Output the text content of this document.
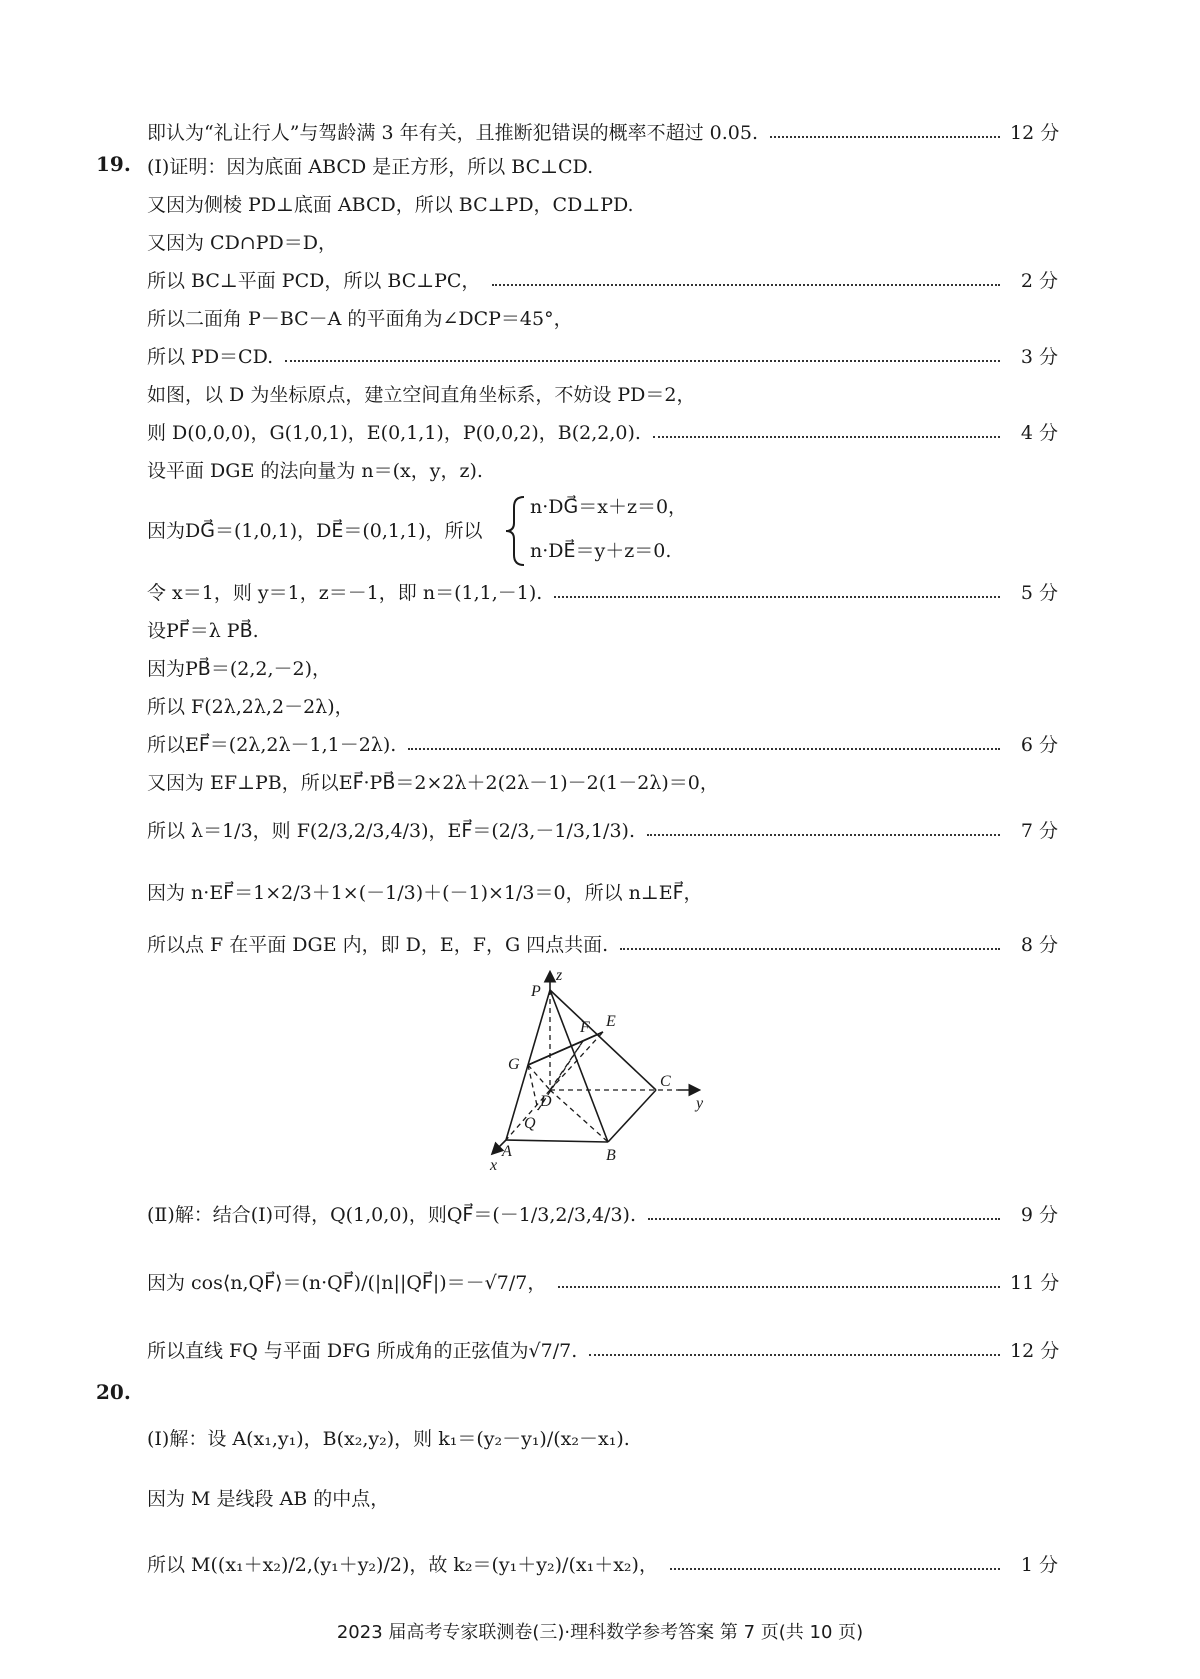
19.
20.
即认为“礼让行人”与驾龄满 3 年有关，且推断犯错误的概率不超过 0.05.	12 分
(Ⅰ)证明：因为底面 ABCD 是正方形，所以 BC⊥CD.
又因为侧棱 PD⊥底面 ABCD，所以 BC⊥PD，CD⊥PD.
又因为 CD∩PD＝D，
所以 BC⊥平面 PCD，所以 BC⊥PC，	2 分
所以二面角 P－BC－A 的平面角为∠DCP＝45°，
所以 PD＝CD.	3 分
如图，以 D 为坐标原点，建立空间直角坐标系，不妨设 PD＝2，
则 D(0,0,0)，G(1,0,1)，E(0,1,1)，P(0,0,2)，B(2,2,0).	4 分
设平面 DGE 的法向量为 n＝(x，y，z).
因为DG⃗＝(1,0,1)，DE⃗＝(0,1,1)，所以
n·DG⃗＝x＋z＝0，
n·DE⃗＝y＋z＝0.
令 x＝1，则 y＝1，z＝－1，即 n＝(1,1,－1).	5 分
设PF⃗＝λ PB⃗.
因为PB⃗＝(2,2,－2)，
所以 F(2λ,2λ,2－2λ)，
所以EF⃗＝(2λ,2λ－1,1－2λ).	6 分
又因为 EF⊥PB，所以EF⃗·PB⃗＝2×2λ＋2(2λ－1)－2(1－2λ)＝0，
所以 λ＝1/3，则 F(2/3,2/3,4/3)，EF⃗＝(2/3,－1/3,1/3).	7 分
因为 n·EF⃗＝1×2/3＋1×(－1/3)＋(－1)×1/3＝0，所以 n⊥EF⃗，
所以点 F 在平面 DGE 内，即 D，E，F，G 四点共面.	8 分
P
z
E
F
G
C
y
D
Q
A	B
x
(Ⅱ)解：结合(Ⅰ)可得，Q(1,0,0)，则QF⃗＝(－1/3,2/3,4/3).	9 分
因为 cos⟨n,QF⃗⟩＝(n·QF⃗)/(|n||QF⃗|)＝－√7/7，	11 分
所以直线 FQ 与平面 DFG 所成角的正弦值为√7/7.	12 分
(Ⅰ)解：设 A(x₁,y₁)，B(x₂,y₂)，则 k₁＝(y₂－y₁)/(x₂－x₁).
因为 M 是线段 AB 的中点，
所以 M((x₁＋x₂)/2,(y₁＋y₂)/2)，故 k₂＝(y₁＋y₂)/(x₁＋x₂)，	1 分
2023 届高考专家联测卷(三)·理科数学参考答案 第 7 页(共 10 页)
